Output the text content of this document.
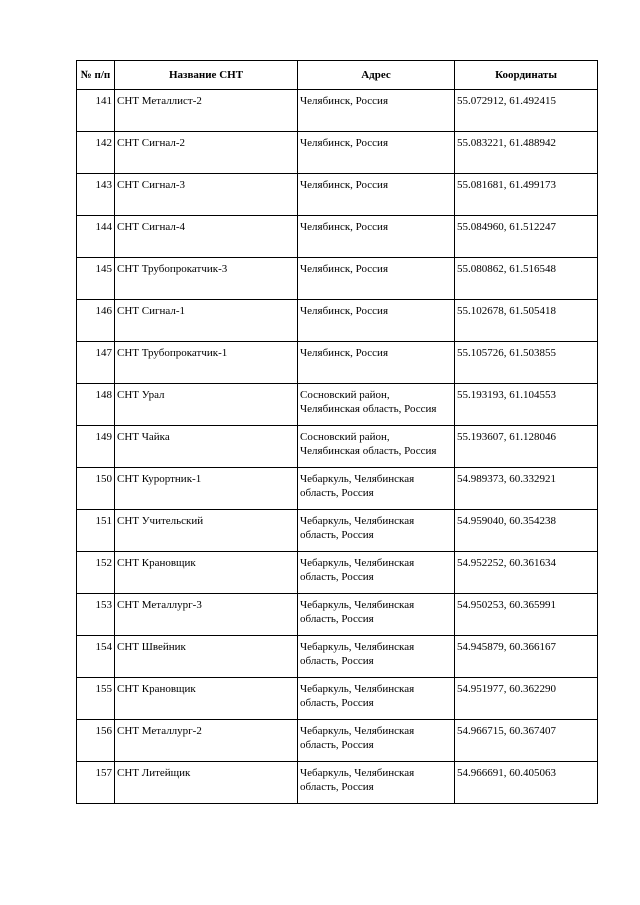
№ п/п	Название СНТ	Адрес	Координаты
141	СНТ Металлист-2	Челябинск, Россия	55.072912, 61.492415
142	СНТ Сигнал-2	Челябинск, Россия	55.083221, 61.488942
143	СНТ Сигнал-3	Челябинск, Россия	55.081681, 61.499173
144	СНТ Сигнал-4	Челябинск, Россия	55.084960, 61.512247
145	СНТ Трубопрокатчик-3	Челябинск, Россия	55.080862, 61.516548
146	СНТ Сигнал-1	Челябинск, Россия	55.102678, 61.505418
147	СНТ Трубопрокатчик-1	Челябинск, Россия	55.105726, 61.503855
148	СНТ Урал	Сосновский район, Челябинская область, Россия	55.193193, 61.104553
149	СНТ Чайка	Сосновский район, Челябинская область, Россия	55.193607, 61.128046
150	СНТ Курортник-1	Чебаркуль, Челябинская область, Россия	54.989373, 60.332921
151	СНТ Учительский	Чебаркуль, Челябинская область, Россия	54.959040, 60.354238
152	СНТ Крановщик	Чебаркуль, Челябинская область, Россия	54.952252, 60.361634
153	СНТ Металлург-3	Чебаркуль, Челябинская область, Россия	54.950253, 60.365991
154	СНТ Швейник	Чебаркуль, Челябинская область, Россия	54.945879, 60.366167
155	СНТ Крановщик	Чебаркуль, Челябинская область, Россия	54.951977, 60.362290
156	СНТ Металлург-2	Чебаркуль, Челябинская область, Россия	54.966715, 60.367407
157	СНТ Литейщик	Чебаркуль, Челябинская область, Россия	54.966691, 60.405063
